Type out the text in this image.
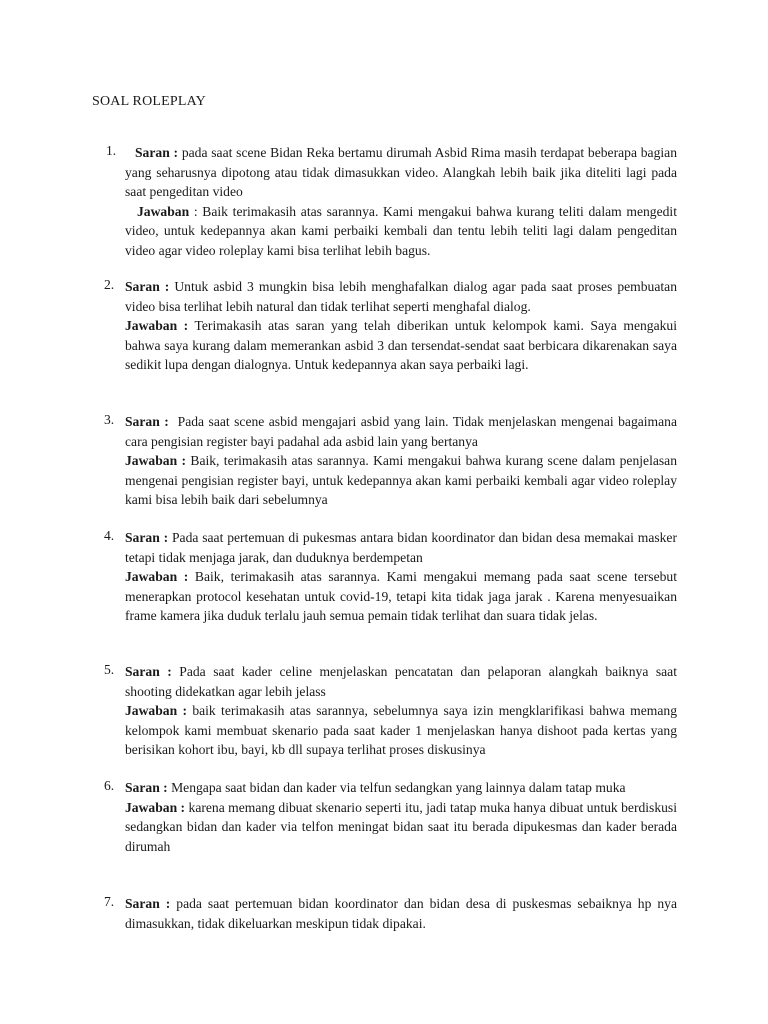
SOAL ROLEPLAY
1.	Saran : pada saat scene Bidan Reka bertamu dirumah Asbid Rima masih terdapat beberapa bagian yang seharusnya dipotong atau tidak dimasukkan video. Alangkah lebih baik jika diteliti lagi pada saat pengeditan video

Jawaban : Baik terimakasih atas sarannya. Kami mengakui bahwa kurang teliti dalam mengedit video, untuk kedepannya akan kami perbaiki kembali dan tentu lebih teliti lagi dalam pengeditan video agar video roleplay kami bisa terlihat lebih bagus.

2. Saran : Untuk asbid 3 mungkin bisa lebih menghafalkan dialog agar pada saat proses pembuatan video bisa terlihat lebih natural dan tidak terlihat seperti menghafal dialog.

Jawaban : Terimakasih atas saran yang telah diberikan untuk kelompok kami. Saya mengakui bahwa saya kurang dalam memerankan asbid 3 dan tersendat-sendat saat berbicara dikarenakan saya sedikit lupa dengan dialognya. Untuk kedepannya akan saya perbaiki lagi.

3. Saran : Pada saat scene asbid mengajari asbid yang lain. Tidak menjelaskan mengenai bagaimana cara pengisian register bayi padahal ada asbid lain yang bertanya

Jawaban : Baik, terimakasih atas sarannya. Kami mengakui bahwa kurang scene dalam penjelasan mengenai pengisian register bayi, untuk kedepannya akan kami perbaiki kembali agar video roleplay kami bisa lebih baik dari sebelumnya

4. Saran : Pada saat pertemuan di pukesmas antara bidan koordinator dan bidan desa memakai masker tetapi tidak menjaga jarak, dan duduknya berdempetan

Jawaban : Baik, terimakasih atas sarannya. Kami mengakui memang pada saat scene tersebut menerapkan protocol kesehatan untuk covid-19, tetapi kita tidak jaga jarak . Karena menyesuaikan frame kamera jika duduk terlalu jauh semua pemain tidak terlihat dan suara tidak jelas.

5. Saran : Pada saat kader celine menjelaskan pencatatan dan pelaporan alangkah baiknya saat shooting didekatkan agar lebih jelass

Jawaban : baik terimakasih atas sarannya, sebelumnya saya izin mengklarifikasi bahwa memang kelompok kami membuat skenario pada saat kader 1 menjelaskan hanya dishoot pada kertas yang berisikan kohort ibu, bayi, kb dll supaya terlihat proses diskusinya

6. Saran : Mengapa saat bidan dan kader via telfun sedangkan yang lainnya dalam tatap muka

Jawaban : karena memang dibuat skenario seperti itu, jadi tatap muka hanya dibuat untuk berdiskusi sedangkan bidan dan kader via telfon meningat bidan saat itu berada dipukesmas dan kader berada dirumah

7. Saran : pada saat pertemuan bidan koordinator dan bidan desa di puskesmas sebaiknya hp nya dimasukkan, tidak dikeluarkan meskipun tidak dipakai.
